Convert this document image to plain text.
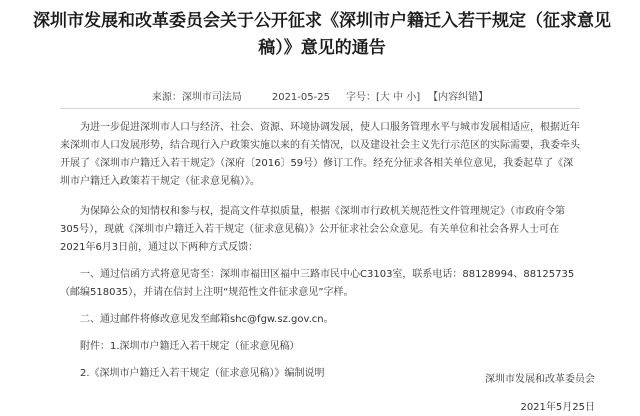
深圳市发展和改革委员会关于公开征求《深圳市户籍迁入若干规定（征求意见稿）》意见的通告
来源：深圳市司法局	2021-05-25 字号：[大 中 小] 【内容纠错】

为进一步促进深圳市人口与经济、社会、资源、环境协调发展，使人口服务管理水平与城市发展相适应，根据近年来深圳市人口发展形势，结合现行入户政策实施以来的有关情况，以及建设社会主义先行示范区的实际需要，我委牵头开展了《深圳市户籍迁入若干规定》（深府〔2016〕59号）修订工作。经充分征求各相关单位意见，我委起草了《深圳市户籍迁入政策若干规定（征求意见稿）》。

为保障公众的知情权和参与权，提高文件草拟质量，根据《深圳市行政机关规范性文件管理规定》（市政府令第305号），现就《深圳市户籍迁入若干规定（征求意见稿）》公开征求社会公众意见。有关单位和社会各界人士可在2021年6月3日前，通过以下两种方式反馈：

一、通过信函方式将意见寄至：深圳市福田区福中三路市民中心C3103室，联系电话：88128994、88125735（邮编518035），并请在信封上注明“规范性文件征求意见”字样。

二、通过邮件将修改意见发至邮箱shc@fgw.sz.gov.cn。

附件：1.深圳市户籍迁入若干规定（征求意见稿）

2.《深圳市户籍迁入若干规定（征求意见稿）》编制说明

深圳市发展和改革委员会
2021年5月25日
